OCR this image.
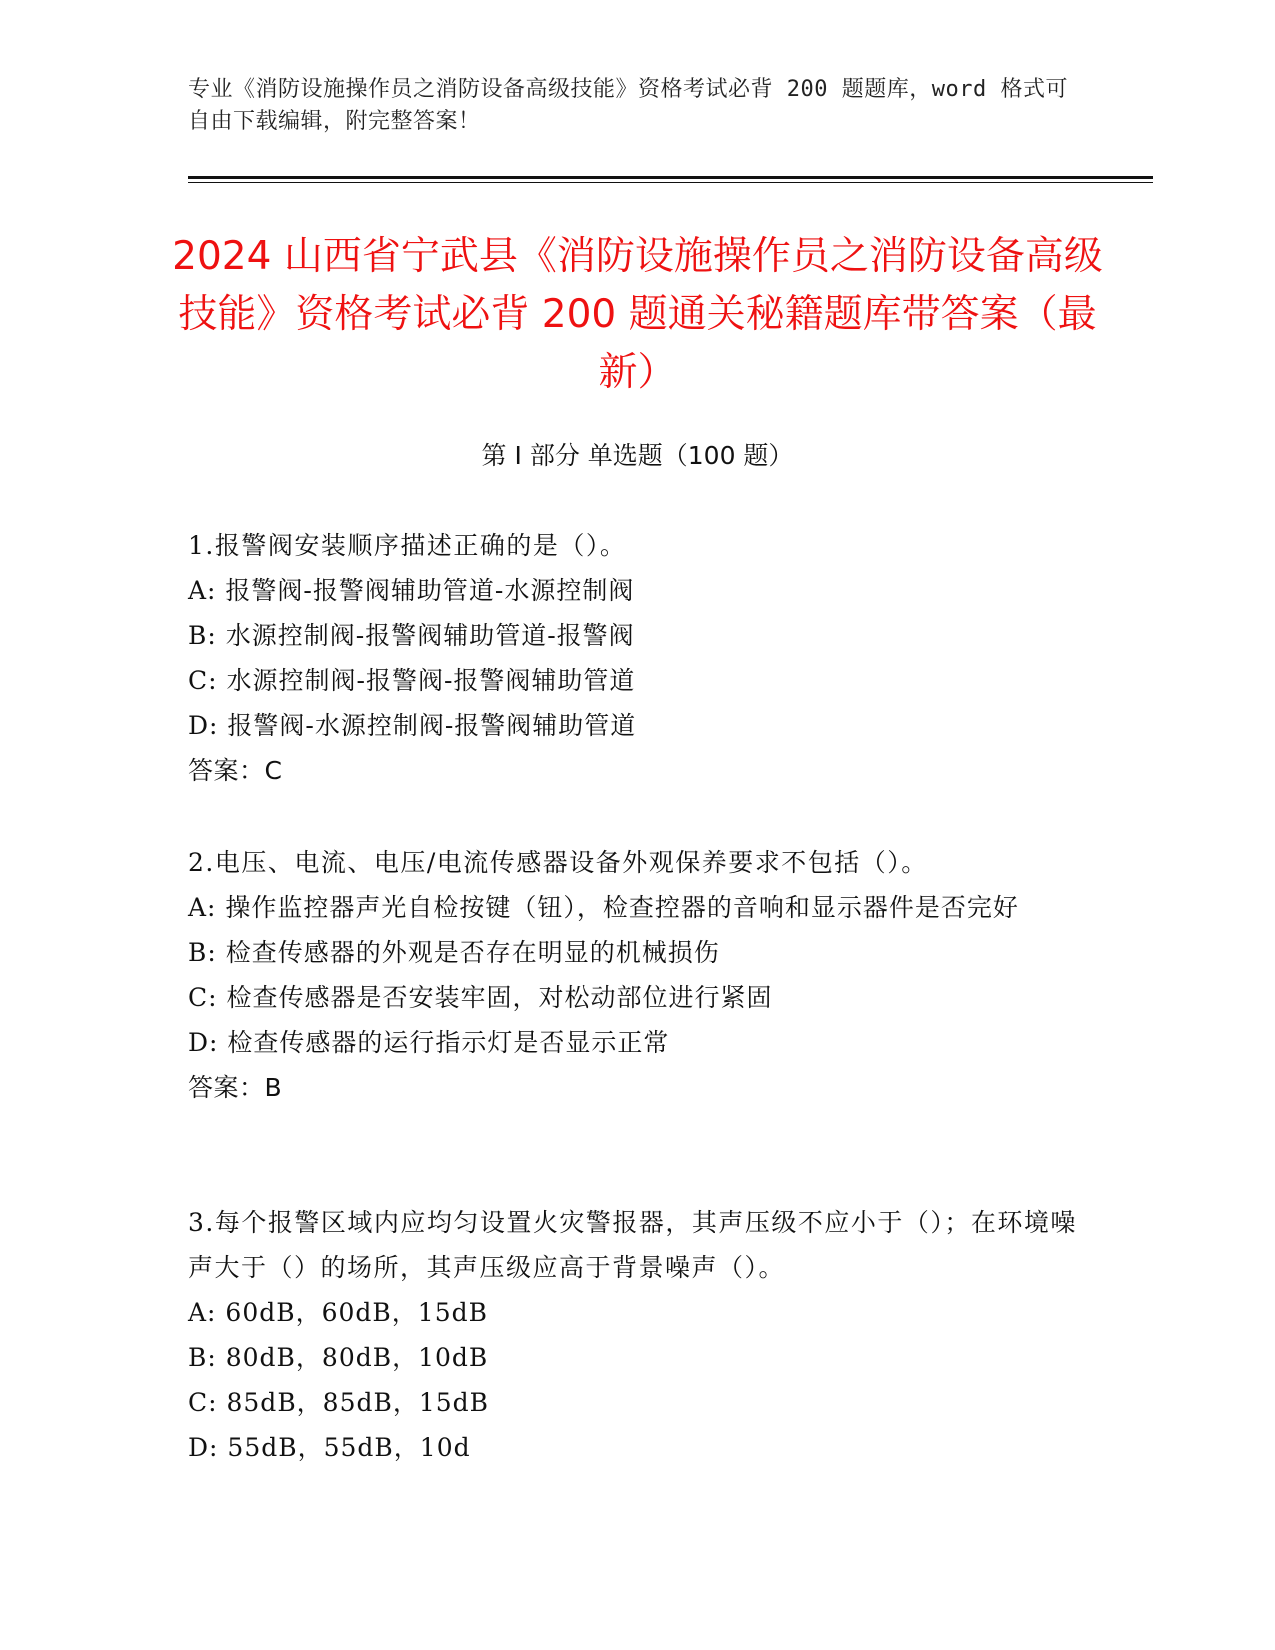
专业《消防设施操作员之消防设备高级技能》资格考试必背 200 题题库，word 格式可自由下载编辑，附完整答案！
2024 山西省宁武县《消防设施操作员之消防设备高级技能》资格考试必背 200 题通关秘籍题库带答案（最新）
第 I 部分 单选题（100 题）
1.报警阀安装顺序描述正确的是（）。
A: 报警阀-报警阀辅助管道-水源控制阀
B: 水源控制阀-报警阀辅助管道-报警阀
C: 水源控制阀-报警阀-报警阀辅助管道
D: 报警阀-水源控制阀-报警阀辅助管道
答案：C
2.电压、电流、电压/电流传感器设备外观保养要求不包括（）。
A: 操作监控器声光自检按键（钮），检查控器的音响和显示器件是否完好
B: 检查传感器的外观是否存在明显的机械损伤
C: 检查传感器是否安装牢固，对松动部位进行紧固
D: 检查传感器的运行指示灯是否显示正常
答案：B
3.每个报警区域内应均匀设置火灾警报器，其声压级不应小于（）；在环境噪声大于（）的场所，其声压级应高于背景噪声（）。
A: 60dB，60dB，15dB
B: 80dB，80dB，10dB
C: 85dB，85dB，15dB
D: 55dB，55dB，10d
